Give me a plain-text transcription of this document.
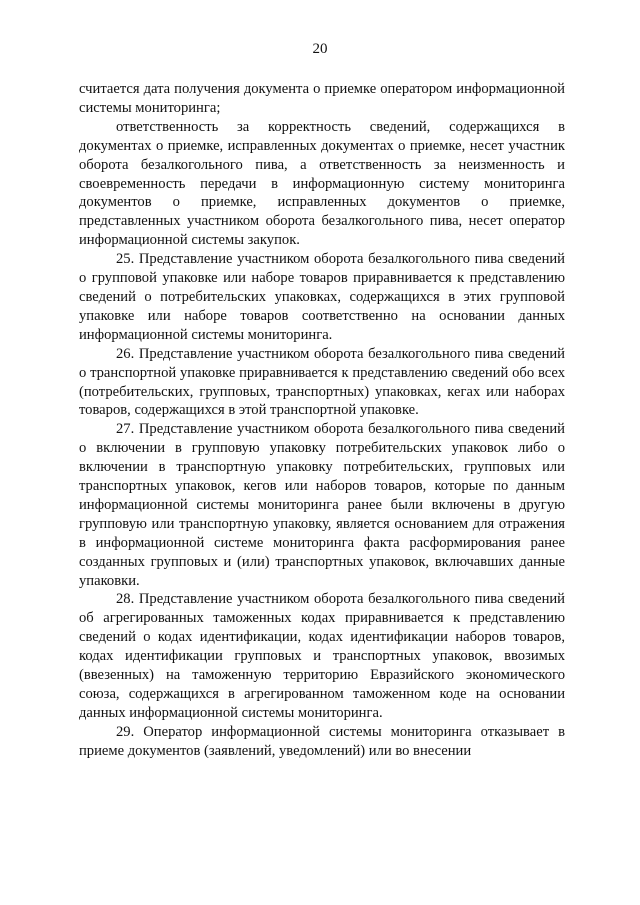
20

считается дата получения документа о приемке оператором информационной системы мониторинга;

ответственность за корректность сведений, содержащихся в документах о приемке, исправленных документах о приемке, несет участник оборота безалкогольного пива, а ответственность за неизменность и своевременность передачи в информационную систему мониторинга документов о приемке, исправленных документов о приемке, представленных участником оборота безалкогольного пива, несет оператор информационной системы закупок.

25. Представление участником оборота безалкогольного пива сведений о групповой упаковке или наборе товаров приравнивается к представлению сведений о потребительских упаковках, содержащихся в этих групповой упаковке или наборе товаров соответственно на основании данных информационной системы мониторинга.

26. Представление участником оборота безалкогольного пива сведений о транспортной упаковке приравнивается к представлению сведений обо всех (потребительских, групповых, транспортных) упаковках, кегах или наборах товаров, содержащихся в этой транспортной упаковке.

27. Представление участником оборота безалкогольного пива сведений о включении в групповую упаковку потребительских упаковок либо о включении в транспортную упаковку потребительских, групповых или транспортных упаковок, кегов или наборов товаров, которые по данным информационной системы мониторинга ранее были включены в другую групповую или транспортную упаковку, является основанием для отражения в информационной системе мониторинга факта расформирования ранее созданных групповых и (или) транспортных упаковок, включавших данные упаковки.

28. Представление участником оборота безалкогольного пива сведений об агрегированных таможенных кодах приравнивается к представлению сведений о кодах идентификации, кодах идентификации наборов товаров, кодах идентификации групповых и транспортных упаковок, ввозимых (ввезенных) на таможенную территорию Евразийского экономического союза, содержащихся в агрегированном таможенном коде на основании данных информационной системы мониторинга.

29. Оператор информационной системы мониторинга отказывает в приеме документов (заявлений, уведомлений) или во внесении
